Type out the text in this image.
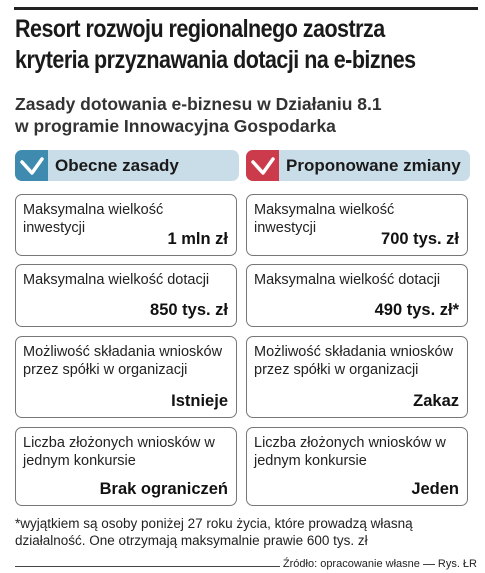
Resort rozwoju regionalnego zaostrza
kryteria przyznawania dotacji na e-biznes
Zasady dotowania e-biznesu w Działaniu 8.1
w programie Innowacyjna Gospodarka
Obecne zasady
Maksymalna wielkość inwestycji
1 mln zł
Maksymalna wielkość dotacji
850 tys. zł
Możliwość składania wniosków przez spółki w organizacji
Istnieje
Liczba złożonych wniosków w jednym konkursie
Brak ograniczeń
Proponowane zmiany
Maksymalna wielkość inwestycji
700 tys. zł
Maksymalna wielkość dotacji
490 tys. zł*
Możliwość składania wniosków przez spółki w organizacji
Zakaz
Liczba złożonych wniosków w jednym konkursie
Jeden
*wyjątkiem są osoby poniżej 27 roku życia, które prowadzą własną działalność. One otrzymają maksymalnie prawie 600 tys. zł
Źródło: opracowanie własne Rys. ŁR
